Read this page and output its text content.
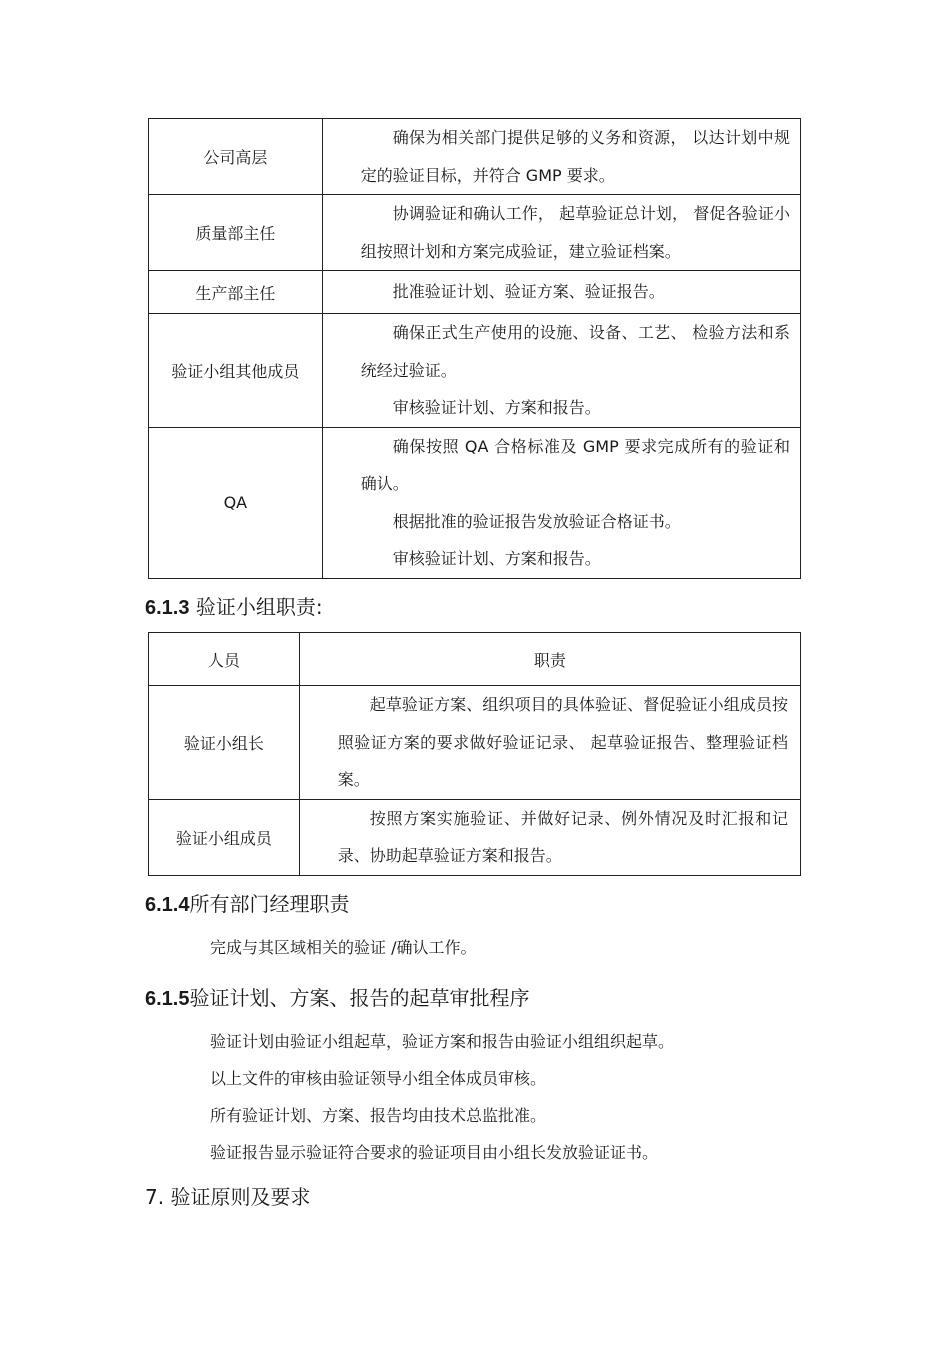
公司高层	确保为相关部门提供足够的义务和资源， 以达计划中规定的验证目标，并符合 GMP 要求。

质量部主任	协调验证和确认工作， 起草验证总计划， 督促各验证小组按照计划和方案完成验证，建立验证档案。

生产部主任	批准验证计划、验证方案、验证报告。

验证小组其他成员	确保正式生产使用的设施、设备、工艺、 检验方法和系统经过验证。

审核验证计划、方案和报告。

QA	确保按照 QA 合格标准及 GMP 要求完成所有的验证和确认。

根据批准的验证报告发放验证合格证书。

审核验证计划、方案和报告。

6.1.3 验证小组职责:
人员	职责
验证小组长	起草验证方案、组织项目的具体验证、督促验证小组成员按照验证方案的要求做好验证记录、 起草验证报告、整理验证档案。

验证小组成员	按照方案实施验证、并做好记录、例外情况及时汇报和记录、协助起草验证方案和报告。

6.1.4所有部门经理职责

完成与其区域相关的验证 /确认工作。

6.1.5验证计划、方案、报告的起草审批程序

验证计划由验证小组起草，验证方案和报告由验证小组组织起草。

以上文件的审核由验证领导小组全体成员审核。

所有验证计划、方案、报告均由技术总监批准。

验证报告显示验证符合要求的验证项目由小组长发放验证证书。

7. 验证原则及要求
